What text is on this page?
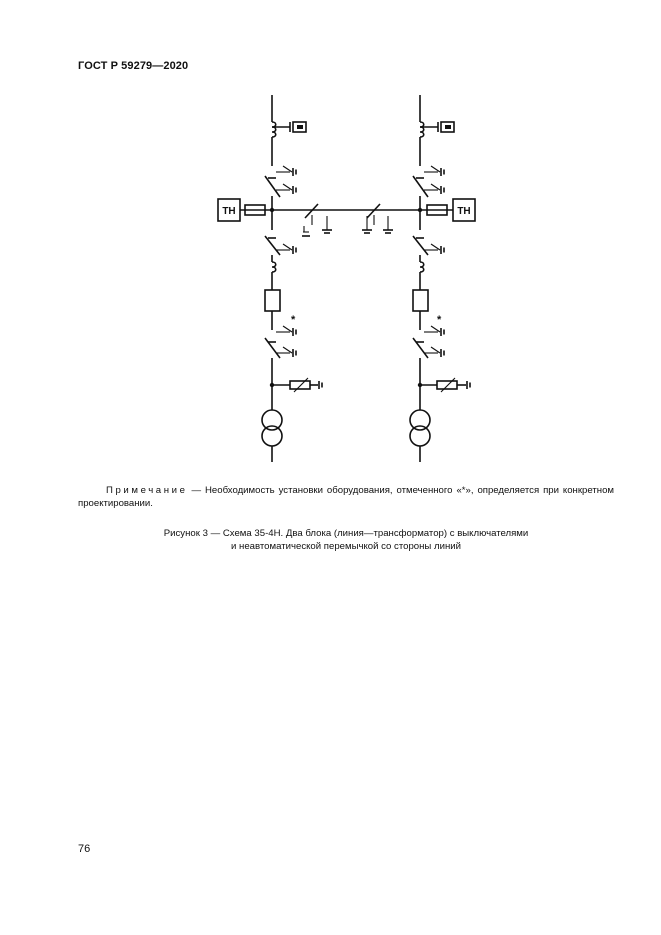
ГОСТ Р 59279—2020
ТН
*
ТН
*
Примечание — Необходимость установки оборудования, отмеченного «*», определяется при конкретном проектировании.
Рисунок 3 — Схема 35-4Н. Два блока (линия—трансформатор) с выключателями
и неавтоматической перемычкой со стороны линий
76
